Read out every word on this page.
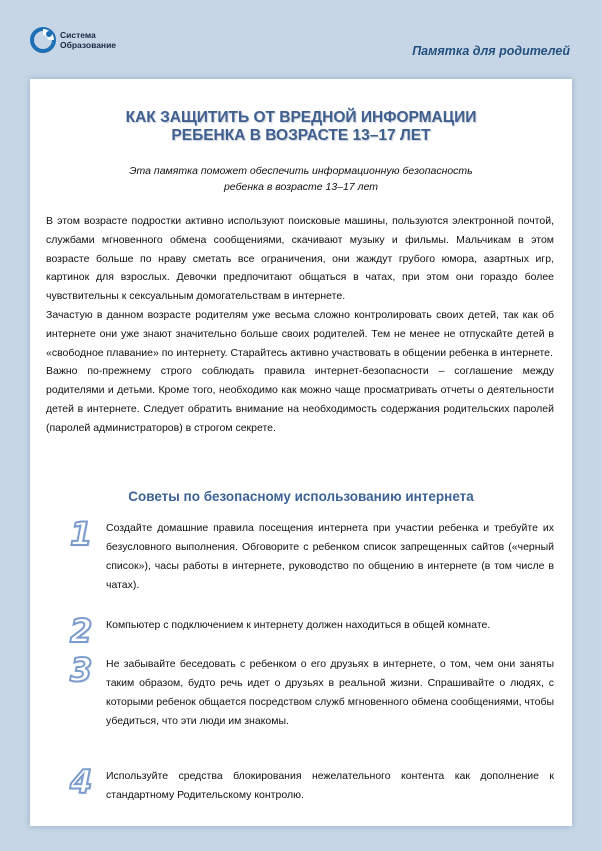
Система
Образование	Памятка для родителей
КАК ЗАЩИТИТЬ ОТ ВРЕДНОЙ ИНФОРМАЦИИ
РЕБЕНКА В ВОЗРАСТЕ 13–17 ЛЕТ
Эта памятка поможет обеспечить информационную безопасность
ребенка в возрасте 13–17 лет

В этом возрасте подростки активно используют поисковые машины, пользуются электронной почтой, службами мгновенного обмена сообщениями, скачивают музыку и фильмы. Мальчикам в этом возрасте больше по нраву сметать все ограничения, они жаждут грубого юмора, азартных игр, картинок для взрослых. Девочки предпочитают общаться в чатах, при этом они гораздо более чувствительны к сексуальным домогательствам в интернете.

Зачастую в данном возрасте родителям уже весьма сложно контролировать своих детей, так как об интернете они уже знают значительно больше своих родителей. Тем не менее не отпускайте детей в «свободное плавание» по интернету. Старайтесь активно участвовать в общении ребенка в интернете.

Важно по-прежнему строго соблюдать правила интернет-безопасности – соглашение между родителями и детьми. Кроме того, необходимо как можно чаще просматривать отчеты о деятельности детей в интернете. Следует обратить внимание на необходимость содержания родительских паролей (паролей администраторов) в строгом секрете.

Советы по безопасному использованию интернета
1	Создайте домашние правила посещения интернета при участии ребенка и требуйте их безусловного выполнения. Обговорите с ребенком список запрещенных сайтов («черный список»), часы работы в интернете, руководство по общению в интернете (в том числе в чатах).
2	Компьютер с подключением к интернету должен находиться в общей комнате.
3	Не забывайте беседовать с ребенком о его друзьях в интернете, о том, чем они заняты таким образом, будто речь идет о друзьях в реальной жизни. Спрашивайте о людях, с которыми ребенок общается посредством служб мгновенного обмена сообщениями, чтобы убедиться, что эти люди им знакомы.
4	Используйте средства блокирования нежелательного контента как дополнение к стандартному Родительскому контролю.
